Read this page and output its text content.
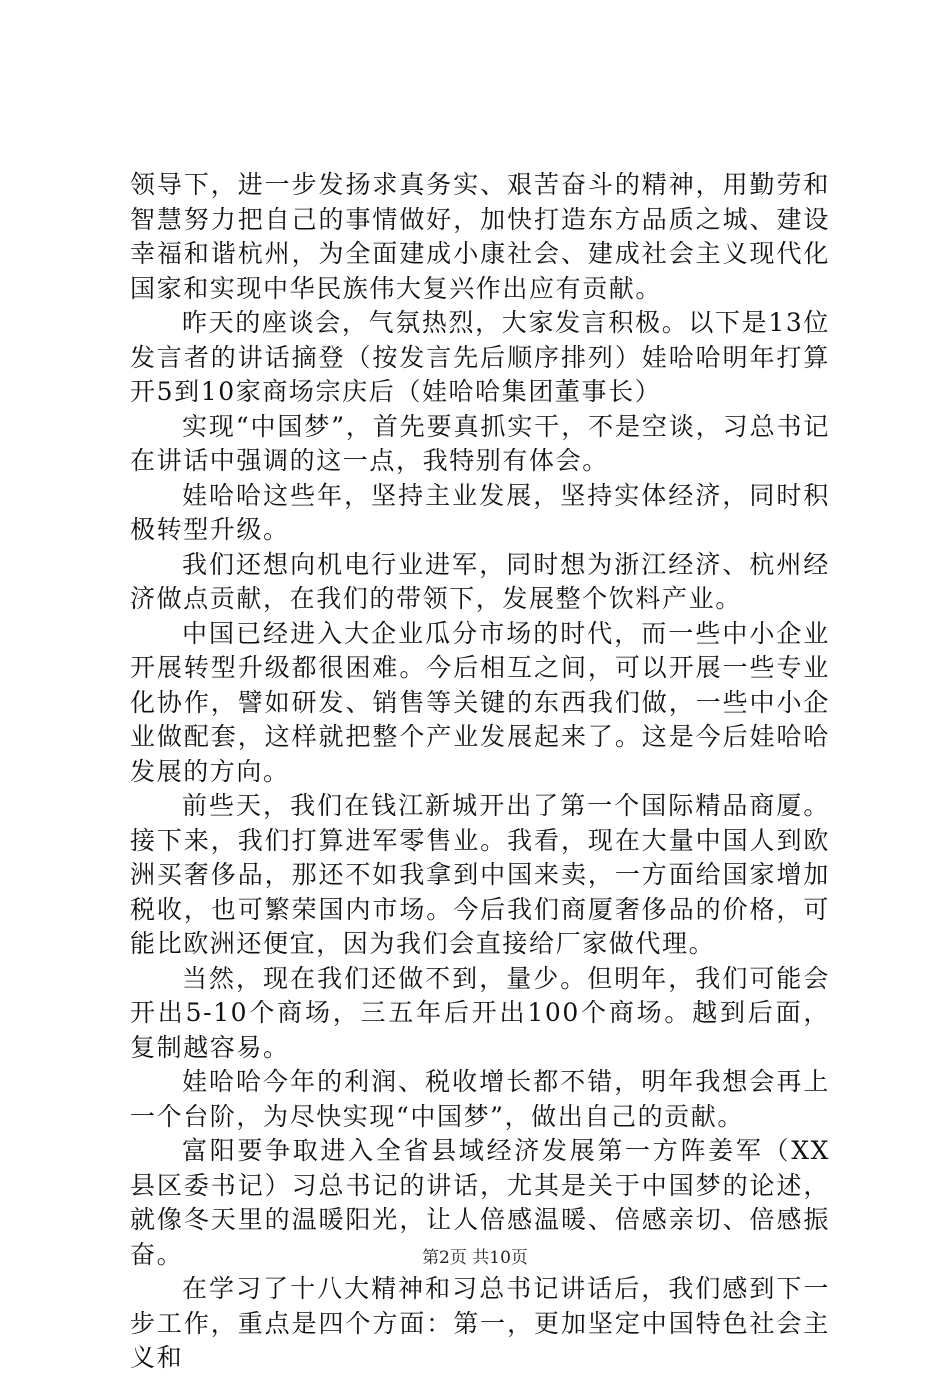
领导下，进一步发扬求真务实、艰苦奋斗的精神，用勤劳和智慧努力把自己的事情做好，加快打造东方品质之城、建设幸福和谐杭州，为全面建成小康社会、建成社会主义现代化国家和实现中华民族伟大复兴作出应有贡献。

昨天的座谈会，气氛热烈，大家发言积极。以下是13位发言者的讲话摘登（按发言先后顺序排列）娃哈哈明年打算开5到10家商场宗庆后（娃哈哈集团董事长）

实现“中国梦”，首先要真抓实干，不是空谈，习总书记在讲话中强调的这一点，我特别有体会。

娃哈哈这些年，坚持主业发展，坚持实体经济，同时积极转型升级。

我们还想向机电行业进军，同时想为浙江经济、杭州经济做点贡献，在我们的带领下，发展整个饮料产业。

中国已经进入大企业瓜分市场的时代，而一些中小企业开展转型升级都很困难。今后相互之间，可以开展一些专业化协作，譬如研发、销售等关键的东西我们做，一些中小企业做配套，这样就把整个产业发展起来了。这是今后娃哈哈发展的方向。

前些天，我们在钱江新城开出了第一个国际精品商厦。接下来，我们打算进军零售业。我看，现在大量中国人到欧洲买奢侈品，那还不如我拿到中国来卖，一方面给国家增加税收，也可繁荣国内市场。今后我们商厦奢侈品的价格，可能比欧洲还便宜，因为我们会直接给厂家做代理。

当然，现在我们还做不到，量少。但明年，我们可能会开出5-10个商场，三五年后开出100个商场。越到后面，复制越容易。

娃哈哈今年的利润、税收增长都不错，明年我想会再上一个台阶，为尽快实现“中国梦”，做出自己的贡献。

富阳要争取进入全省县域经济发展第一方阵姜军（XX县区委书记）习总书记的讲话，尤其是关于中国梦的论述，就像冬天里的温暖阳光，让人倍感温暖、倍感亲切、倍感振奋。

在学习了十八大精神和习总书记讲话后，我们感到下一步工作，重点是四个方面：第一，更加坚定中国特色社会主义和

第2页 共10页
